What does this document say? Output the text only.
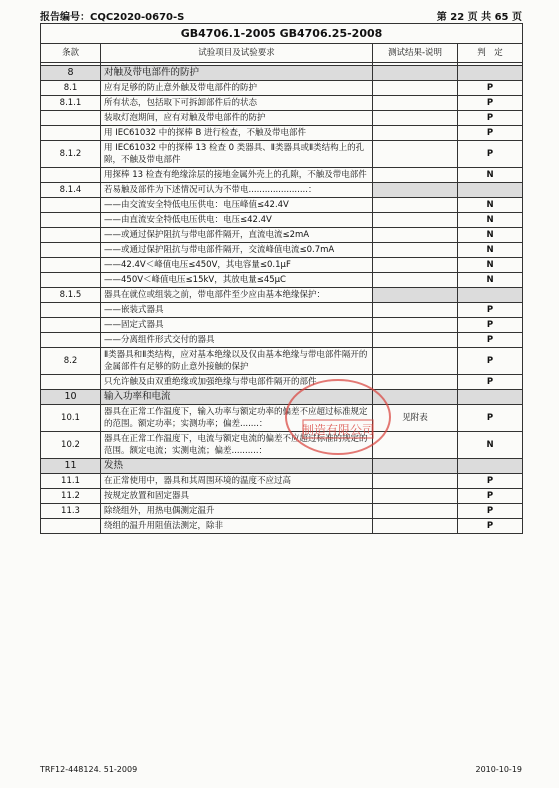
报告编号：CQC2020-0670-S	第 22 页 共 65 页
GB4706.1-2005 GB4706.25-2008			
条款	试验项目及试验要求	测试结果-说明	判　定

8	对触及带电部件的防护		
8.1	应有足够的防止意外触及带电部件的防护		P
8.1.1	所有状态，包括取下可拆卸部件后的状态		P
	装取灯泡期间，应有对触及带电部件的防护		P
	用 IEC61032 中的探棒 B 进行检查，不触及带电部件		P
8.1.2	用 IEC61032 中的探棒 13 检查 0 类器具、Ⅱ类器具或Ⅱ类结构上的孔隙，不触及带电部件		P
	用探棒 13 检查有绝缘涂层的接地金属外壳上的孔隙，不触及带电部件		N
8.1.4	若易触及部件为下述情况可认为不带电......................：		
	——由交流安全特低电压供电：电压峰值≤42.4V		N
	——由直流安全特低电压供电：电压≤42.4V		N
	——或通过保护阻抗与带电部件隔开，直流电流≤2mA		N
	——或通过保护阻抗与带电部件隔开，交流峰值电流≤0.7mA		N
	——42.4V＜峰值电压≤450V，其电容量≤0.1μF		N
	——450V＜峰值电压≤15kV，其放电量≤45μC		N
8.1.5	器具在就位或组装之前，带电部件至少应由基本绝缘保护：		
	——嵌装式器具		P
	——固定式器具		P
	——分离组件形式交付的器具		P
8.2	Ⅱ类器具和Ⅱ类结构，应对基本绝缘以及仅由基本绝缘与带电部件隔开的金属部件有足够的防止意外接触的保护		P
	只允许触及由双重绝缘或加强绝缘与带电部件隔开的部件		P
10	输入功率和电流		
10.1	器具在正常工作温度下，输入功率与额定功率的偏差不应超过标准规定的范围。额定功率；实测功率；偏差.......：	见附表	P
10.2	器具在正常工作温度下，电流与额定电流的偏差不应超过标准的规定的范围。额定电流；实测电流；偏差..........：		N
11	发热		
11.1	在正常使用中，器具和其周围环境的温度不应过高		P
11.2	按规定放置和固定器具		P
11.3	除绕组外，用热电偶测定温升		P
	绕组的温升用阻值法测定，除非		P
制造有限公司
TRF12-448124. 51-2009	2010-10-19
